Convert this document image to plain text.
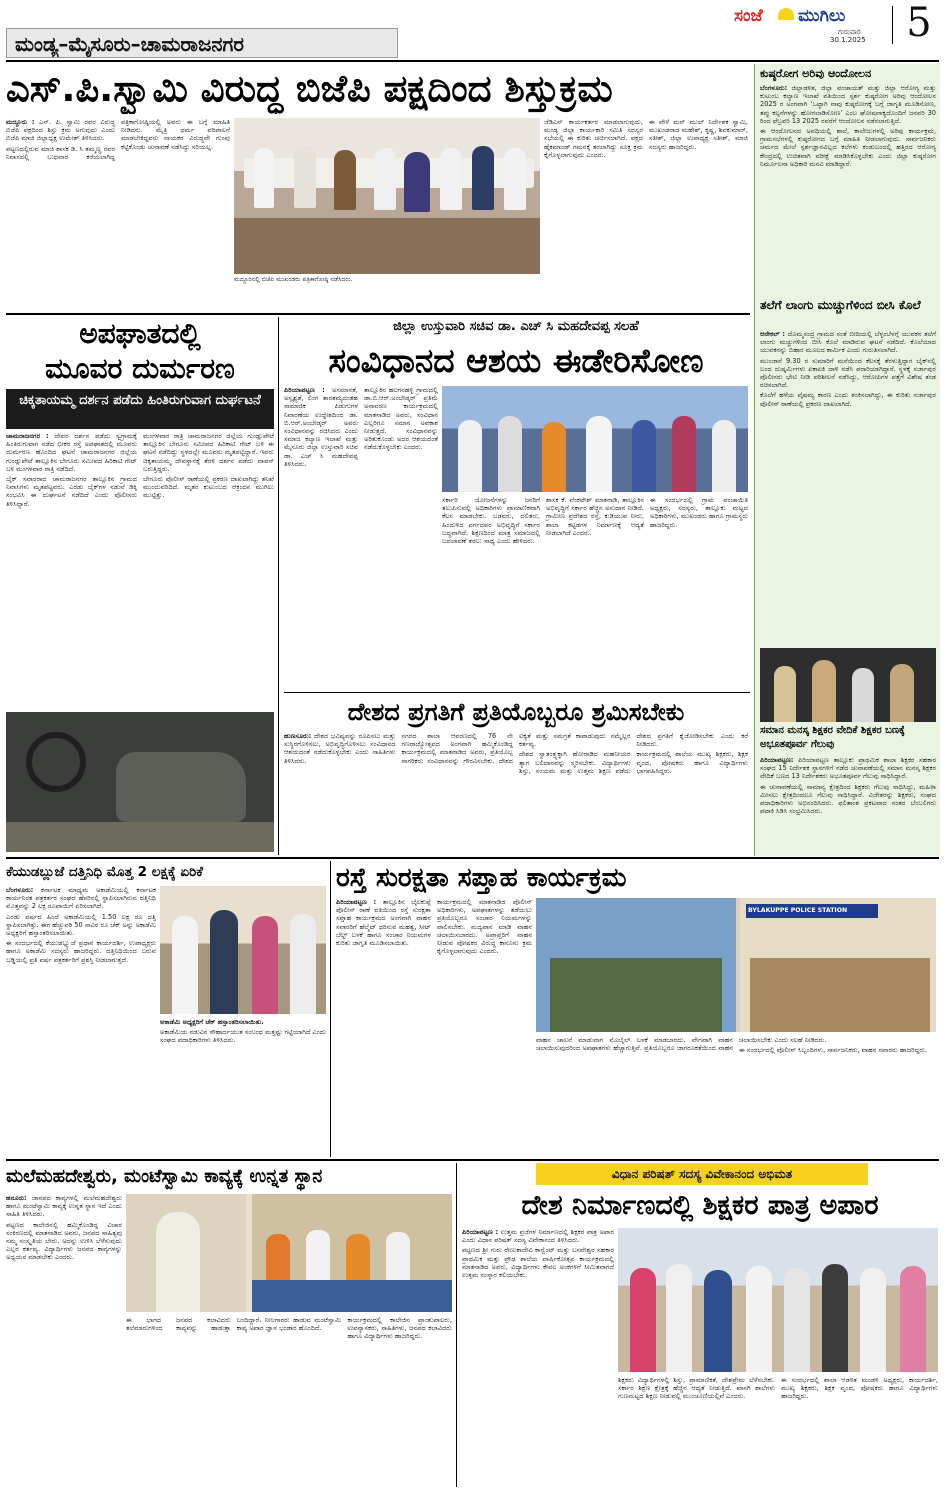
ಮಂಡ್ಯ–ಮೈಸೂರು–ಚಾಮರಾಜನಗರ
ಸಂಜೆ ಮುಗಿಲು
ಗುರುವಾರ
30.1.2025 5
ಎಸ್.ಪಿ.ಸ್ವಾಮಿ ವಿರುದ್ಧ ಬಿಜೆಪಿ ಪಕ್ಷದಿಂದ ಶಿಸ್ತುಕ್ರಮ

ಮದ್ದೂರು : ಎಸ್. ಪಿ. ಸ್ವಾಮಿ ರವರ ವಿರುದ್ಧ ಬಿಜೆಪಿ ಪಕ್ಷದಿಂದ ಶಿಸ್ತು ಕ್ರಮ ಅಗುವುದು ಎಂದು ಬಿಜೆಪಿ ಮಾಜಿ ಜಿಲ್ಲಾಧ್ಯಕ್ಷ ಉಮೇಶ್ ತಿಳಿಸಿದರು.

ಪಟ್ಟಣದಲ್ಲಿರುವ ಮಾಜಿ ಶಾಸಕ ಡಿ. ಸಿ ತಮ್ಮಣ್ಣ ರವರ ನಿವಾಸದಲ್ಲಿ ಬುಧವಾರ ಕರೆಯಲಾಗಿದ್ದ ಪತ್ರಿಕಾಗೋಷ್ಠಿಯಲ್ಲಿ ಅವರು ಈ ಬಗ್ಗೆ ಮಾಹಿತಿ ನೀಡಿದರು. ಮೈತ್ರಿ ಧರ್ಮ ಪರಿಪಾಲನೆ ಮಾಡಬೇಕಿದ್ದವರು ನಾಯಕರ ವಿರುದ್ಧವೇ ಗುಂಪು ಕಟ್ಟಿಕೊಂಡು ಚುನಾವಣೆ ನಡೆಸಿದ್ದು ಸರಿಯಲ್ಲ.

ಮದ್ದೂರಿನಲ್ಲಿ ಬಿಜೆಪಿ ಮುಖಂಡರು ಪತ್ರಿಕಾಗೋಷ್ಠಿ ನಡೆಸಿದರು.

ಜೆಡಿಎಸ್ ಕಾರ್ಯಕರ್ತರ ಮಾಡಲಾಗುವುದು, ಮಂಡ್ಯ ಜಿಲ್ಲಾ ಕಾರ್ಯಕಾರಿ ಸಮಿತಿ ಸದಸ್ಯರ ಸಭೆಯಲ್ಲಿ ಈ ಕುರಿತು ಚರ್ಚಿಸಲಾಗಿದೆ. ಪಕ್ಷದ ಹೈಕಮಾಂಡ್ ಗಮನಕ್ಕೆ ತರಲಾಗಿದ್ದು ಸೂಕ್ತ ಕ್ರಮ ಕೈಗೊಳ್ಳಲಾಗುವುದು ಎಂದರು.

ಈ ವೇಳೆ ಮನ್ ಮುಲ್ ನಿರ್ದೇಶಕ ಸ್ವಾಮಿ, ಮುಖಂಡರಾದ ಮಹೇಶ್, ಕೃಷ್ಣ, ಶಿವಕುಮಾರ್, ಸತೀಶ್, ಜಿಲ್ಲಾ ಉಪಾಧ್ಯಕ್ಷ ಸತೀಶ್, ಮಾಜಿ ಸದಸ್ಯರು ಹಾಜರಿದ್ದರು.

ಕುಷ್ಠರೋಗ ಅರಿವು ಆಂದೋಲನ

ಬೆಂಗಳೂರು: ಜಿಲ್ಲಾಡಳಿತ, ಜಿಲ್ಲಾ ಪಂಚಾಯತ್ ಮತ್ತು ಜಿಲ್ಲಾ ಆರೋಗ್ಯ ಮತ್ತು ಕುಟುಂಬ ಕಲ್ಯಾಣ ಇಲಾಖೆ ವತಿಯಿಂದ ಸ್ಪರ್ಶ ಕುಷ್ಠರೋಗ ಅರಿವು ಆಂದೋಲನ 2025 ರ ಅಂಗವಾಗಿ ‘ಒಟ್ಟಾಗಿ ನಾವು ಕುಷ್ಠರೋಗಕ್ಕೆ ಬಗ್ಗೆ ಜಾಗೃತಿ ಮೂಡಿಸೋಣ, ತಪ್ಪು ಕಲ್ಪನೆಗಳನ್ನು ಹೋಗಲಾಡಿಸೋಣ’ ಎಂಬ ಘೋಷವಾಕ್ಯದೊಂದಿಗೆ ಜನವರಿ 30 ರಿಂದ ಫೆಬ್ರವರಿ 13 2025 ರವರೆಗೆ ಆಂದೋಲನ ನಡೆಸಲಾಗುತ್ತಿದೆ.

ಈ ಆಂದೋಲನದ ಅವಧಿಯಲ್ಲಿ ಶಾಲೆ, ಕಾಲೇಜುಗಳಲ್ಲಿ ಅರಿವು ಕಾರ್ಯಕ್ರಮ, ಗ್ರಾಮಸಭೆಗಳಲ್ಲಿ ಕುಷ್ಠರೋಗದ ಬಗ್ಗೆ ಮಾಹಿತಿ ನೀಡಲಾಗುವುದು. ಸಾರ್ವಜನಿಕರು ಚರ್ಮದ ಮೇಲೆ ಸ್ಪರ್ಶಜ್ಞಾನವಿಲ್ಲದ ಕಲೆಗಳು ಕಂಡುಬಂದಲ್ಲಿ ಹತ್ತಿರದ ಆರೋಗ್ಯ ಕೇಂದ್ರದಲ್ಲಿ ಉಚಿತವಾಗಿ ಪರೀಕ್ಷೆ ಮಾಡಿಸಿಕೊಳ್ಳಬೇಕು ಎಂದು ಜಿಲ್ಲಾ ಕುಷ್ಠರೋಗ ನಿರ್ಮೂಲನಾ ಅಧಿಕಾರಿ ಮನವಿ ಮಾಡಿದ್ದಾರೆ.

ತಲೆಗೆ ಲಾಂಗು ಮುಚ್ಚುಗೆಳಿಂದ ಬೀಸಿ ಕೊಲೆ

ಆನೇಕಲ್ : ದೊಮ್ಮಸಂದ್ರ ಗ್ರಾಮದ ಸಂತೆ ಬೀದಿಯಲ್ಲಿ ಬೆಳ್ಳಂಬೆಳಗ್ಗೆ ಯುವಕನ ತಲೆಗೆ ಲಾಂಗು ಮಚ್ಚುಗಳಿಂದ ಬೀಸಿ ಕೊಲೆ ಮಾಡಿರುವ ಘಟನೆ ನಡೆದಿದೆ. ಕೊಲೆಯಾದ ಯುವಕನನ್ನು ಬಿಹಾರ ಮೂಲದ ಕಾರ್ಮಿಕ ಎಂದು ಗುರುತಿಸಲಾಗಿದೆ.

ಮುಂಜಾನೆ 9.30 ರ ಸುಮಾರಿಗೆ ಮನೆಯಿಂದ ಕೆಲಸಕ್ಕೆ ತೆರಳುತ್ತಿದ್ದಾಗ ಬೈಕ್‌ನಲ್ಲಿ ಬಂದ ದುಷ್ಕರ್ಮಿಗಳು ಏಕಾಏಕಿ ದಾಳಿ ನಡೆಸಿ ಪರಾರಿಯಾಗಿದ್ದಾರೆ. ಸ್ಥಳಕ್ಕೆ ಸರ್ಜಾಪುರ ಪೊಲೀಸರು ಭೇಟಿ ನೀಡಿ ಪರಿಶೀಲನೆ ನಡೆಸಿದ್ದು, ಆರೋಪಿಗಳ ಪತ್ತೆಗೆ ವಿಶೇಷ ತಂಡ ರಚಿಸಲಾಗಿದೆ.

ಕೊಲೆಗೆ ಹಳೆಯ ವೈಷಮ್ಯ ಕಾರಣ ಎಂದು ಶಂಕಿಸಲಾಗಿದ್ದು, ಈ ಕುರಿತು ಸರ್ಜಾಪುರ ಪೊಲೀಸ್ ಠಾಣೆಯಲ್ಲಿ ಪ್ರಕರಣ ದಾಖಲಾಗಿದೆ.

ಸಮಾನ ಮನಸ್ಕ ಶಿಕ್ಷಕರ ವೇದಿಕೆ ಶಿಕ್ಷಕರ ಬಣಕ್ಕೆ ಅಭೂತಪೂರ್ವ ಗೆಲುವು

ಪಿರಿಯಾಪಟ್ಟಣ: ಪಿರಿಯಾಪಟ್ಟಣ ತಾಲ್ಲೂಕು ಪ್ರಾಥಮಿಕ ಶಾಲಾ ಶಿಕ್ಷಕರ ಸಹಕಾರ ಸಂಘದ 15 ನಿರ್ದೇಶಕ ಸ್ಥಾನಗಳಿಗೆ ನಡೆದ ಚುನಾವಣೆಯಲ್ಲಿ ಸಮಾನ ಮನಸ್ಕ ಶಿಕ್ಷಕರ ವೇದಿಕೆ ಬಣದ 13 ನಿರ್ದೇಶಕರು ಅಭೂತಪೂರ್ವ ಗೆಲುವು ಸಾಧಿಸಿದ್ದಾರೆ.

ಈ ಚುನಾವಣೆಯಲ್ಲಿ ಸಾಮಾನ್ಯ ಕ್ಷೇತ್ರದಿಂದ ಶಿಕ್ಷಕರು ಗೆಲುವು ಸಾಧಿಸಿದ್ದು, ಮಹಿಳಾ ಮೀಸಲು ಕ್ಷೇತ್ರದಿಂದಲೂ ಗೆಲುವು ಸಾಧಿಸಿದ್ದಾರೆ. ವಿಜೇತರನ್ನು ಶಿಕ್ಷಕರು, ಸಂಘದ ಪದಾಧಿಕಾರಿಗಳು ಅಭಿನಂದಿಸಿದರು. ಫಲಿತಾಂಶ ಪ್ರಕಟವಾದ ನಂತರ ಬೆಂಬಲಿಗರು ಪಟಾಕಿ ಸಿಡಿಸಿ ಸಂಭ್ರಮಿಸಿದರು.

ಅಪಘಾತದಲ್ಲಿ
ಮೂವರ ದುರ್ಮರಣ
ಚಿಕ್ಕತಾಯಮ್ಮ ದರ್ಶನ ಪಡೆದು ಹಿಂತಿರುಗುವಾಗ ದುರ್ಘಟನೆ

ಚಾಮರಾಜನಗರ : ದೇವರ ದರ್ಶನ ಪಡೆದು ಸ್ವಗ್ರಾಮಕ್ಕೆ ಹಿಂತಿರುಗುವಾಗ ನಡೆದ ಭೀಕರ ರಸ್ತೆ ಅಪಘಾತದಲ್ಲಿ ಮೂವರು ದುರ್ಮರಣ ಹೊಂದಿದ ಘಟನೆ ಚಾಮರಾಜನಗರ ಜಿಲ್ಲೆಯ ಗುಂಡ್ಲುಪೇಟೆ ತಾಲ್ಲೂಕಿನ ಬೇಗೂರು ಸಮೀಪದ ಹಿರಿಕಾಟಿ ಗೇಟ್ ಬಳಿ ಮಂಗಳವಾರ ರಾತ್ರಿ ನಡೆದಿದೆ.

ಬೈಕ್ ಸವಾರರಾದ ಚಾಮರಾಜನಗರ ತಾಲ್ಲೂಕಿನ ಗ್ರಾಮದ ನಿವಾಸಿಗಳು ಮೃತಪಟ್ಟವರು. ಎರಡು ಬೈಕ್‌ಗಳ ನಡುವೆ ಡಿಕ್ಕಿ ಸಂಭವಿಸಿ ಈ ದುರ್ಘಟನೆ ನಡೆದಿದೆ ಎಂದು ಪೊಲೀಸರು ತಿಳಿಸಿದ್ದಾರೆ.

ಮಂಗಳವಾರ ರಾತ್ರಿ ಚಾಮರಾಜನಗರ ಜಿಲ್ಲೆಯ ಗುಂಡ್ಲುಪೇಟೆ ತಾಲ್ಲೂಕಿನ ಬೇಗೂರು ಸಮೀಪದ ಹಿರಿಕಾಟಿ ಗೇಟ್ ಬಳಿ ಈ ಘಟನೆ ನಡೆದಿದ್ದು ಸ್ಥಳದಲ್ಲೇ ಮೂವರು ಮೃತಪಟ್ಟಿದ್ದಾರೆ. ಇವರು ಚಿಕ್ಕತಾಯಮ್ಮ ದೇವಸ್ಥಾನಕ್ಕೆ ತೆರಳಿ ದರ್ಶನ ಪಡೆದು ವಾಪಸ್ ಬರುತ್ತಿದ್ದರು.

ಬೇಗೂರು ಪೊಲೀಸ್ ಠಾಣೆಯಲ್ಲಿ ಪ್ರಕರಣ ದಾಖಲಾಗಿದ್ದು ತನಿಖೆ ಮುಂದುವರಿದಿದೆ. ಮೃತರ ಕುಟುಂಬದ ಆಕ್ರಂದನ ಮುಗಿಲು ಮುಟ್ಟಿತ್ತು.

ಜಿಲ್ಲಾ ಉಸ್ತುವಾರಿ ಸಚಿವ ಡಾ. ಎಚ್ ಸಿ ಮಹದೇವಪ್ಪ ಸಲಹೆ
ಸಂವಿಧಾನದ ಆಶಯ ಈಡೇರಿಸೋಣ

ಪಿರಿಯಾಪಟ್ಟಣ : ಅಸಮಾನತೆ, ಅಸ್ಪೃಶ್ಯತೆ, ಲಿಂಗ ತಾರತಮ್ಯದಂತಹ ಸಾಮಾಜಿಕ ಪಿಡುಗುಗಳ ನಿವಾರಣೆಯ ಉದ್ದೇಶದಿಂದ ಡಾ. ಬಿ.ಆರ್.ಅಂಬೇಡ್ಕರ್ ಅವರು ಸಂವಿಧಾನವನ್ನು ರಚಿಸಿದರು ಎಂದು ಸಮಾಜ ಕಲ್ಯಾಣ ಇಲಾಖೆ ಮತ್ತು ಮೈಸೂರು ಜಿಲ್ಲಾ ಉಸ್ತುವಾರಿ ಸಚಿವ ಡಾ. ಎಚ್ ಸಿ ಮಹದೇವಪ್ಪ ತಿಳಿಸಿದರು.

ತಾಲ್ಲೂಕಿನ ಹಲಗನಹಳ್ಳಿ ಗ್ರಾಮದಲ್ಲಿ ಡಾ.ಬಿ.ಆರ್.ಅಂಬೇಡ್ಕರ್ ಪ್ರತಿಮೆ ಅನಾವರಣ ಕಾರ್ಯಕ್ರಮದಲ್ಲಿ ಮಾತನಾಡಿದ ಅವರು, ಸಂವಿಧಾನ ಎಲ್ಲರಿಗೂ ಸಮಾನ ಅವಕಾಶ ನೀಡುತ್ತದೆ. ಸಂವಿಧಾನವನ್ನು ಅರಿತುಕೊಂಡು ಅದರ ಆಶಯದಂತೆ ನಡೆದುಕೊಳ್ಳಬೇಕು ಎಂದರು.

ಸರ್ಕಾರಿ ಯೋಜನೆಗಳನ್ನು ಜನರಿಗೆ ತಲುಪಿಸುವಲ್ಲಿ ಅಧಿಕಾರಿಗಳು ಪ್ರಾಮಾಣಿಕವಾಗಿ ಕೆಲಸ ಮಾಡಬೇಕು. ಬಡವರು, ದಲಿತರು, ಹಿಂದುಳಿದ ವರ್ಗದವರ ಅಭಿವೃದ್ಧಿಗೆ ಸರ್ಕಾರ ಬದ್ಧವಾಗಿದೆ. ಶಿಕ್ಷಣದಿಂದ ಮಾತ್ರ ಸಮಾಜದಲ್ಲಿ ಬದಲಾವಣೆ ತರಲು ಸಾಧ್ಯ ಎಂದು ಹೇಳಿದರು.

ಶಾಸಕ ಕೆ. ವೆಂಕಟೇಶ್ ಮಾತನಾಡಿ, ತಾಲ್ಲೂಕಿನ ಅಭಿವೃದ್ಧಿಗೆ ಸರ್ಕಾರ ಹೆಚ್ಚಿನ ಅನುದಾನ ನೀಡಿದೆ. ಗ್ರಾಮೀಣ ಪ್ರದೇಶದ ರಸ್ತೆ, ಕುಡಿಯುವ ನೀರು, ಶಾಲಾ ಕಟ್ಟಡಗಳ ನಿರ್ಮಾಣಕ್ಕೆ ಆದ್ಯತೆ ನೀಡಲಾಗಿದೆ ಎಂದರು.

ಈ ಸಂದರ್ಭದಲ್ಲಿ ಗ್ರಾಮ ಪಂಚಾಯಿತಿ ಅಧ್ಯಕ್ಷರು, ಸದಸ್ಯರು, ತಾಲ್ಲೂಕು ಮಟ್ಟದ ಅಧಿಕಾರಿಗಳು, ಮುಖಂಡರು ಹಾಗೂ ಗ್ರಾಮಸ್ಥರು ಹಾಜರಿದ್ದರು.

ದೇಶದ ಪ್ರಗತಿಗೆ ಪ್ರತಿಯೊಬ್ಬರೂ ಶ್ರಮಿಸಬೇಕು

ಹುಣಸೂರು: ದೇಶದ ಭವಿಷ್ಯವನ್ನು ರೂಪಿಸಲು ಮತ್ತು ಸುಸ್ಥಿರಗೊಳಿಸಲು, ಅಭಿವೃದ್ಧಿಗೊಳಿಸಲು ಸಂವಿಧಾನದ ಆಶಯದಂತೆ ನಡೆದುಕೊಳ್ಳಬೇಕು ಎಂದು ಸಾಹಿತಿಗಳು ತಿಳಿಸಿದರು.

ನಗರದ ಶಾಲಾ ಆವರಣದಲ್ಲಿ 76 ನೇ ಗಣರಾಜ್ಯೋತ್ಸವದ ಅಂಗವಾಗಿ ಹಮ್ಮಿಕೊಂಡಿದ್ದ ಕಾರ್ಯಕ್ರಮದಲ್ಲಿ ಮಾತನಾಡಿದ ಅವರು, ಪ್ರತಿಯೊಬ್ಬ ನಾಗರಿಕರು ಸಂವಿಧಾನವನ್ನು ಗೌರವಿಸಬೇಕು. ದೇಶದ ಐಕ್ಯತೆ ಮತ್ತು ಸಮಗ್ರತೆ ಕಾಪಾಡುವುದು ನಮ್ಮೆಲ್ಲರ ಕರ್ತವ್ಯ.

ದೇಶದ ಸ್ವಾತಂತ್ರ್ಯಕ್ಕಾಗಿ ಹೋರಾಡಿದ ಮಹನೀಯರ ತ್ಯಾಗ ಬಲಿದಾನವನ್ನು ಸ್ಮರಿಸಬೇಕು. ವಿದ್ಯಾರ್ಥಿಗಳು ಶಿಸ್ತು, ಸಂಯಮ ಮತ್ತು ಉತ್ತಮ ಶಿಕ್ಷಣ ಪಡೆದು ದೇಶದ ಪ್ರಗತಿಗೆ ಕೈಜೋಡಿಸಬೇಕು ಎಂದು ಕರೆ ನೀಡಿದರು.

ಕಾರ್ಯಕ್ರಮದಲ್ಲಿ ಶಾಲೆಯ ಮುಖ್ಯ ಶಿಕ್ಷಕರು, ಶಿಕ್ಷಕ ವೃಂದ, ಪೋಷಕರು ಹಾಗೂ ವಿದ್ಯಾರ್ಥಿಗಳು ಭಾಗವಹಿಸಿದ್ದರು.

ಕೆಯುಡಬ್ಲುಜೆ ದತ್ತಿನಿಧಿ ಮೊತ್ತ 2 ಲಕ್ಷಕ್ಕೆ ಏರಿಕೆ

ಬೆಂಗಳೂರು: ಕರ್ನಾಟಕ ಮಾಧ್ಯಮ ಅಕಾಡೆಮಿಯಲ್ಲಿ ಕರ್ನಾಟಕ ಕಾರ್ಯನಿರತ ಪತ್ರಕರ್ತರ ಸಂಘದ ಹೆಸರಿನಲ್ಲಿ ಸ್ಥಾಪಿಸಲಾಗಿರುವ ದತ್ತಿನಿಧಿ ಮೊತ್ತವನ್ನು 2 ಲಕ್ಷ ರೂಪಾಯಿಗೆ ಏರಿಸಲಾಗಿದೆ.

ಎರಡು ವರ್ಷದ ಹಿಂದೆ ಅಕಾಡೆಮಿಯಲ್ಲಿ 1.50 ಲಕ್ಷ ರೂ ದತ್ತಿ ಸ್ಥಾಪಿಸಲಾಗಿತ್ತು. ಈಗ ಹೆಚ್ಚುವರಿ 50 ಸಾವಿರ ರೂ ಚೆಕ್ ಅನ್ನು ಅಕಾಡೆಮಿ ಅಧ್ಯಕ್ಷರಿಗೆ ಹಸ್ತಾಂತರಿಸಲಾಯಿತು.

ಈ ಸಂದರ್ಭದಲ್ಲಿ ಕೆಯುಡಬ್ಲ್ಯುಜೆ ಪ್ರಧಾನ ಕಾರ್ಯದರ್ಶಿ, ಉಪಾಧ್ಯಕ್ಷರು ಹಾಗೂ ಅಕಾಡೆಮಿ ಸದಸ್ಯರು ಹಾಜರಿದ್ದರು. ದತ್ತಿನಿಧಿಯಿಂದ ಬರುವ ಬಡ್ಡಿಯಲ್ಲಿ ಪ್ರತಿ ವರ್ಷ ಪತ್ರಕರ್ತರಿಗೆ ಪ್ರಶಸ್ತಿ ನೀಡಲಾಗುತ್ತದೆ.

ಅಕಾಡೆಮಿ ಅಧ್ಯಕ್ಷರಿಗೆ ಚೆಕ್ ಹಸ್ತಾಂತರಿಸಲಾಯಿತು.

ಅಕಾಡೆಮಿಯ ನಡುವಿನ ಸೌಹಾರ್ದಯುತ ಸಂಬಂಧ ಮತ್ತಷ್ಟು ಗಟ್ಟಿಯಾಗಿದೆ ಎಂದು ಸಂಘದ ಪದಾಧಿಕಾರಿಗಳು ತಿಳಿಸಿದರು.

ರಸ್ತೆ ಸುರಕ್ಷತಾ ಸಪ್ತಾಹ ಕಾರ್ಯಕ್ರಮ

ಪಿರಿಯಾಪಟ್ಟಣ : ತಾಲ್ಲೂಕಿನ ಬೈಲಕುಪ್ಪೆ ಪೊಲೀಸ್ ಠಾಣೆ ವತಿಯಿಂದ ರಸ್ತೆ ಸುರಕ್ಷತಾ ಸಪ್ತಾಹ ಕಾರ್ಯಕ್ರಮದ ಅಂಗವಾಗಿ ವಾಹನ ಸವಾರರಿಗೆ ಹೆಲ್ಮೆಟ್ ಧರಿಸುವ ಮಹತ್ವ, ಸೀಟ್ ಬೆಲ್ಟ್ ಬಳಕೆ ಹಾಗೂ ಸಂಚಾರ ನಿಯಮಗಳ ಕುರಿತು ಜಾಗೃತಿ ಮೂಡಿಸಲಾಯಿತು.

ಕಾರ್ಯಕ್ರಮದಲ್ಲಿ ಮಾತನಾಡಿದ ಪೊಲೀಸ್ ಅಧಿಕಾರಿಗಳು, ಅಪಘಾತಗಳನ್ನು ತಡೆಯಲು ಪ್ರತಿಯೊಬ್ಬರೂ ಸಂಚಾರ ನಿಯಮಗಳನ್ನು ಪಾಲಿಸಬೇಕು. ಮದ್ಯಪಾನ ಮಾಡಿ ವಾಹನ ಚಲಾಯಿಸಬಾರದು. ಅಪ್ರಾಪ್ತರಿಗೆ ವಾಹನ ನೀಡುವ ಪೋಷಕರ ವಿರುದ್ಧ ಕಾನೂನು ಕ್ರಮ ಕೈಗೊಳ್ಳಲಾಗುವುದು ಎಂದರು.

BYLAKUPPE POLICE STATION

ವಾಹನ ಚಾಲನೆ ಮಾಡುವಾಗ ಮೊಬೈಲ್ ಬಳಕೆ ಮಾಡಬಾರದು. ವೇಗವಾಗಿ ವಾಹನ ಚಲಾಯಿಸುವುದರಿಂದ ಅಪಘಾತಗಳು ಹೆಚ್ಚಾಗುತ್ತಿವೆ. ಪ್ರತಿಯೊಬ್ಬರೂ ಜಾಗರೂಕತೆಯಿಂದ ವಾಹನ ಚಲಾಯಿಸಬೇಕು ಎಂದು ಸಲಹೆ ನೀಡಿದರು.

ಈ ಸಂದರ್ಭದಲ್ಲಿ ಪೊಲೀಸ್ ಸಿಬ್ಬಂದಿಗಳು, ಸಾರ್ವಜನಿಕರು, ವಾಹನ ಸವಾರರು ಹಾಜರಿದ್ದರು.

ಮಲೆಮಹದೇಶ್ವರು, ಮಂಟೆಸ್ವಾಮಿ ಕಾವ್ಯಕ್ಕೆ ಉನ್ನತ ಸ್ಥಾನ

ಹನೂರು: ಜಾನಪದ ಕಾವ್ಯಗಳಲ್ಲಿ ಮಲೆಮಹದೇಶ್ವರು ಹಾಗೂ ಮಂಟೆಸ್ವಾಮಿ ಕಾವ್ಯಕ್ಕೆ ಉನ್ನತ ಸ್ಥಾನ ಇದೆ ಎಂದು ಸಾಹಿತಿ ತಿಳಿಸಿದರು.

ಪಟ್ಟಣದ ಕಾಲೇಜಿನಲ್ಲಿ ಹಮ್ಮಿಕೊಂಡಿದ್ದ ವಿಚಾರ ಸಂಕಿರಣದಲ್ಲಿ ಮಾತನಾಡಿದ ಅವರು, ಜನಪದ ಸಾಹಿತ್ಯವು ನಮ್ಮ ಸಂಸ್ಕೃತಿಯ ಬೇರು. ಅದನ್ನು ಉಳಿಸಿ ಬೆಳೆಸುವುದು ಎಲ್ಲರ ಕರ್ತವ್ಯ. ವಿದ್ಯಾರ್ಥಿಗಳು ಜನಪದ ಕಾವ್ಯಗಳನ್ನು ಅಧ್ಯಯನ ಮಾಡಬೇಕು ಎಂದರು.

ಈ ಭಾಗದ ಜನಪದ ಕಲಾವಿದರು ತಲೆಮಾರುಗಳಿಂದ ಕಾವ್ಯವನ್ನು ಹಾಡುತ್ತಾ ಬಂದಿದ್ದಾರೆ. ನೀಲಗಾರರು ಹಾಡುವ ಮಂಟೆಸ್ವಾಮಿ ಕಾವ್ಯ ಅಪಾರ ಜ್ಞಾನ ಭಂಡಾರ ಹೊಂದಿದೆ.

ಕಾರ್ಯಕ್ರಮದಲ್ಲಿ ಕಾಲೇಜಿನ ಪ್ರಾಂಶುಪಾಲರು, ಉಪನ್ಯಾಸಕರು, ಸಾಹಿತಿಗಳು, ಜನಪದ ಕಲಾವಿದರು ಹಾಗೂ ವಿದ್ಯಾರ್ಥಿಗಳು ಹಾಜರಿದ್ದರು.

ವಿಧಾನ ಪರಿಷತ್ ಸದಸ್ಯ ವಿವೇಕಾನಂದ ಅಭಿಮತ
ದೇಶ ನಿರ್ಮಾಣದಲ್ಲಿ ಶಿಕ್ಷಕರ ಪಾತ್ರ ಅಪಾರ

ಪಿರಿಯಾಪಟ್ಟಣ : ಉತ್ತಮ ಪ್ರಜೆಗಳ ನಿರ್ಮಾಣದಲ್ಲಿ ಶಿಕ್ಷಕರ ಪಾತ್ರ ಅಪಾರ ಎಂದು ವಿಧಾನ ಪರಿಷತ್ ಸದಸ್ಯ ವಿವೇಕಾನಂದ ತಿಳಿಸಿದರು.

ಪಟ್ಟಣದ ಶ್ರೀ ಗುರು ರೇಣುಕಾದೇವಿ ಕಾನ್ವೆಂಟ್ ಮತ್ತು ಬಸವೇಶ್ವರ ಸಹಕಾರ ಪ್ರಾಥಮಿಕ ಮತ್ತು ಪ್ರೌಢ ಶಾಲೆಯ ವಾರ್ಷಿಕೋತ್ಸವ ಕಾರ್ಯಕ್ರಮದಲ್ಲಿ ಮಾತನಾಡಿದ ಅವರು, ವಿದ್ಯಾರ್ಥಿಗಳು ಕೇವಲ ಅಂಕಗಳಿಗೆ ಸೀಮಿತವಾಗದೆ ಉತ್ತಮ ಸಂಸ್ಕಾರ ಕಲಿಯಬೇಕು.

ಶಿಕ್ಷಕರು ವಿದ್ಯಾರ್ಥಿಗಳಲ್ಲಿ ಶಿಸ್ತು, ಪ್ರಾಮಾಣಿಕತೆ, ದೇಶಪ್ರೇಮ ಬೆಳೆಸಬೇಕು. ಸರ್ಕಾರ ಶಿಕ್ಷಣ ಕ್ಷೇತ್ರಕ್ಕೆ ಹೆಚ್ಚಿನ ಆದ್ಯತೆ ನೀಡುತ್ತಿದೆ. ಖಾಸಗಿ ಶಾಲೆಗಳು ಗುಣಮಟ್ಟದ ಶಿಕ್ಷಣ ನೀಡುವಲ್ಲಿ ಮುಂಚೂಣಿಯಲ್ಲಿವೆ ಎಂದರು.

ಈ ಸಂದರ್ಭದಲ್ಲಿ ಶಾಲಾ ಆಡಳಿತ ಮಂಡಳಿ ಅಧ್ಯಕ್ಷರು, ಕಾರ್ಯದರ್ಶಿ, ಮುಖ್ಯ ಶಿಕ್ಷಕರು, ಶಿಕ್ಷಕ ವೃಂದ, ಪೋಷಕರು ಹಾಗೂ ವಿದ್ಯಾರ್ಥಿಗಳು ಹಾಜರಿದ್ದರು.
